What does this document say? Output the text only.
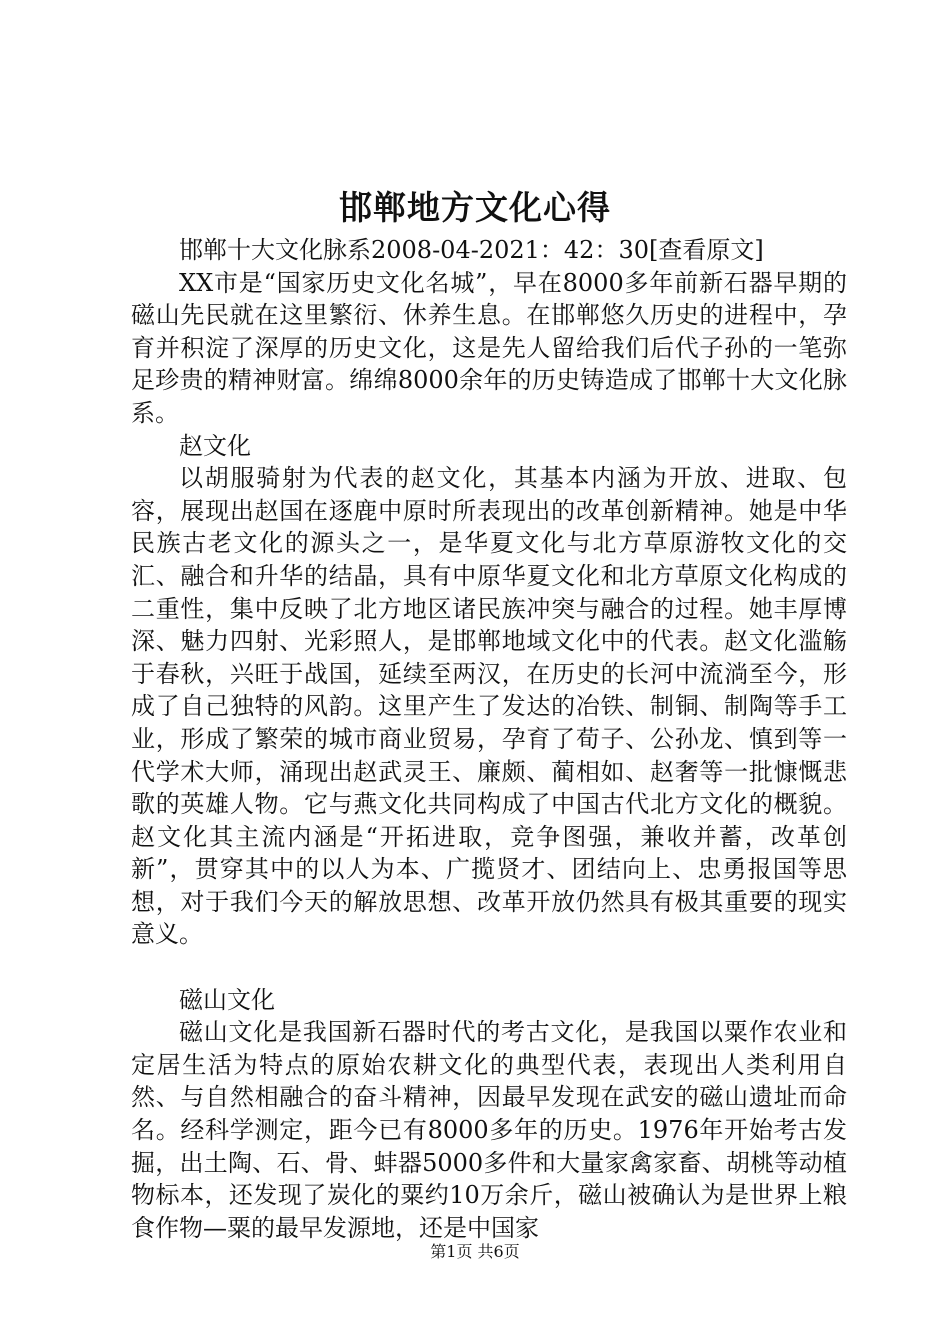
邯郸地方文化心得

邯郸十大文化脉系2008-04-2021：42：30[查看原文]

XX市是“国家历史文化名城”，早在8000多年前新石器早期的磁山先民就在这里繁衍、休养生息。在邯郸悠久历史的进程中，孕育并积淀了深厚的历史文化，这是先人留给我们后代子孙的一笔弥足珍贵的精神财富。绵绵8000余年的历史铸造成了邯郸十大文化脉系。

赵文化

以胡服骑射为代表的赵文化，其基本内涵为开放、进取、包容，展现出赵国在逐鹿中原时所表现出的改革创新精神。她是中华民族古老文化的源头之一，是华夏文化与北方草原游牧文化的交汇、融合和升华的结晶，具有中原华夏文化和北方草原文化构成的二重性，集中反映了北方地区诸民族冲突与融合的过程。她丰厚博深、魅力四射、光彩照人，是邯郸地域文化中的代表。赵文化滥觞于春秋，兴旺于战国，延续至两汉，在历史的长河中流淌至今，形成了自己独特的风韵。这里产生了发达的冶铁、制铜、制陶等手工业，形成了繁荣的城市商业贸易，孕育了荀子、公孙龙、慎到等一代学术大师，涌现出赵武灵王、廉颇、蔺相如、赵奢等一批慷慨悲歌的英雄人物。它与燕文化共同构成了中国古代北方文化的概貌。赵文化其主流内涵是“开拓进取，竞争图强，兼收并蓄，改革创新”，贯穿其中的以人为本、广揽贤才、团结向上、忠勇报国等思想，对于我们今天的解放思想、改革开放仍然具有极其重要的现实意义。

磁山文化

磁山文化是我国新石器时代的考古文化，是我国以粟作农业和定居生活为特点的原始农耕文化的典型代表，表现出人类利用自然、与自然相融合的奋斗精神，因最早发现在武安的磁山遗址而命名。经科学测定，距今已有8000多年的历史。1976年开始考古发掘，出土陶、石、骨、蚌器5000多件和大量家禽家畜、胡桃等动植物标本，还发现了炭化的粟约10万余斤，磁山被确认为是世界上粮食作物—粟的最早发源地，还是中国家

第1页 共6页
